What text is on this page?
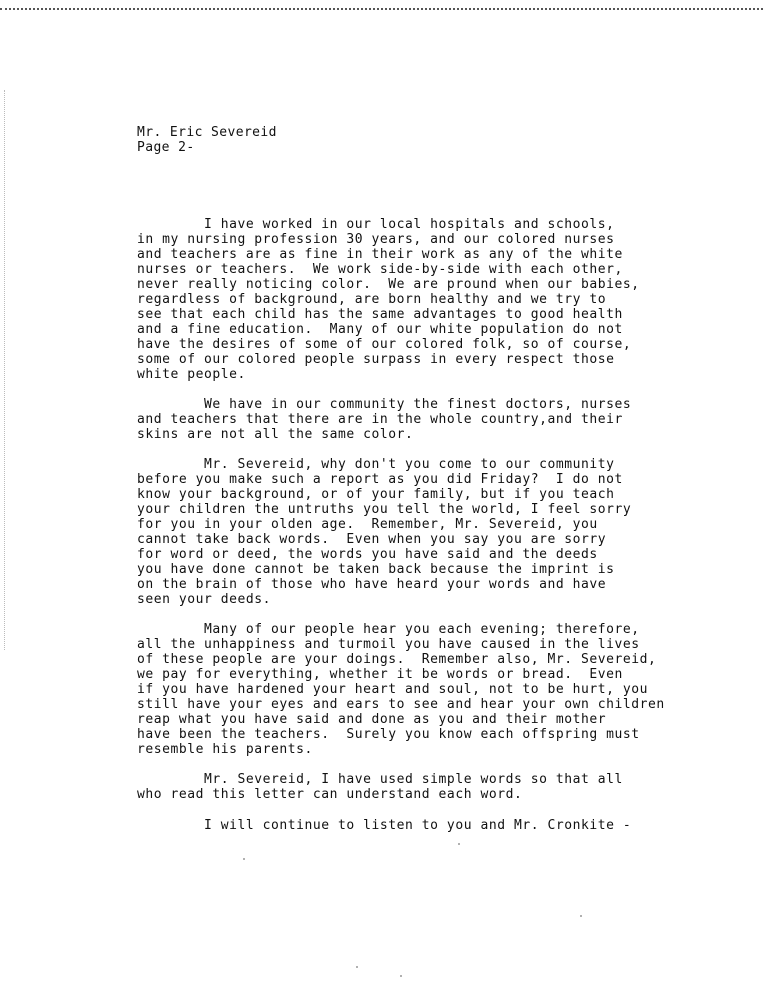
Mr. Eric Severeid
Page 2-
I have worked in our local hospitals and schools,
in my nursing profession 30 years, and our colored nurses
and teachers are as fine in their work as any of the white
nurses or teachers.  We work side-by-side with each other,
never really noticing color.  We are pround when our babies,
regardless of background, are born healthy and we try to
see that each child has the same advantages to good health
and a fine education.  Many of our white population do not
have the desires of some of our colored folk, so of course,
some of our colored people surpass in every respect those
white people.
We have in our community the finest doctors, nurses
and teachers that there are in the whole country,and their
skins are not all the same color.
Mr. Severeid, why don't you come to our community
before you make such a report as you did Friday?  I do not
know your background, or of your family, but if you teach
your children the untruths you tell the world, I feel sorry
for you in your olden age.  Remember, Mr. Severeid, you
cannot take back words.  Even when you say you are sorry
for word or deed, the words you have said and the deeds
you have done cannot be taken back because the imprint is
on the brain of those who have heard your words and have
seen your deeds.
Many of our people hear you each evening; therefore,
all the unhappiness and turmoil you have caused in the lives
of these people are your doings.  Remember also, Mr. Severeid,
we pay for everything, whether it be words or bread.  Even
if you have hardened your heart and soul, not to be hurt, you
still have your eyes and ears to see and hear your own children
reap what you have said and done as you and their mother
have been the teachers.  Surely you know each offspring must
resemble his parents.
Mr. Severeid, I have used simple words so that all
who read this letter can understand each word.
I will continue to listen to you and Mr. Cronkite -
